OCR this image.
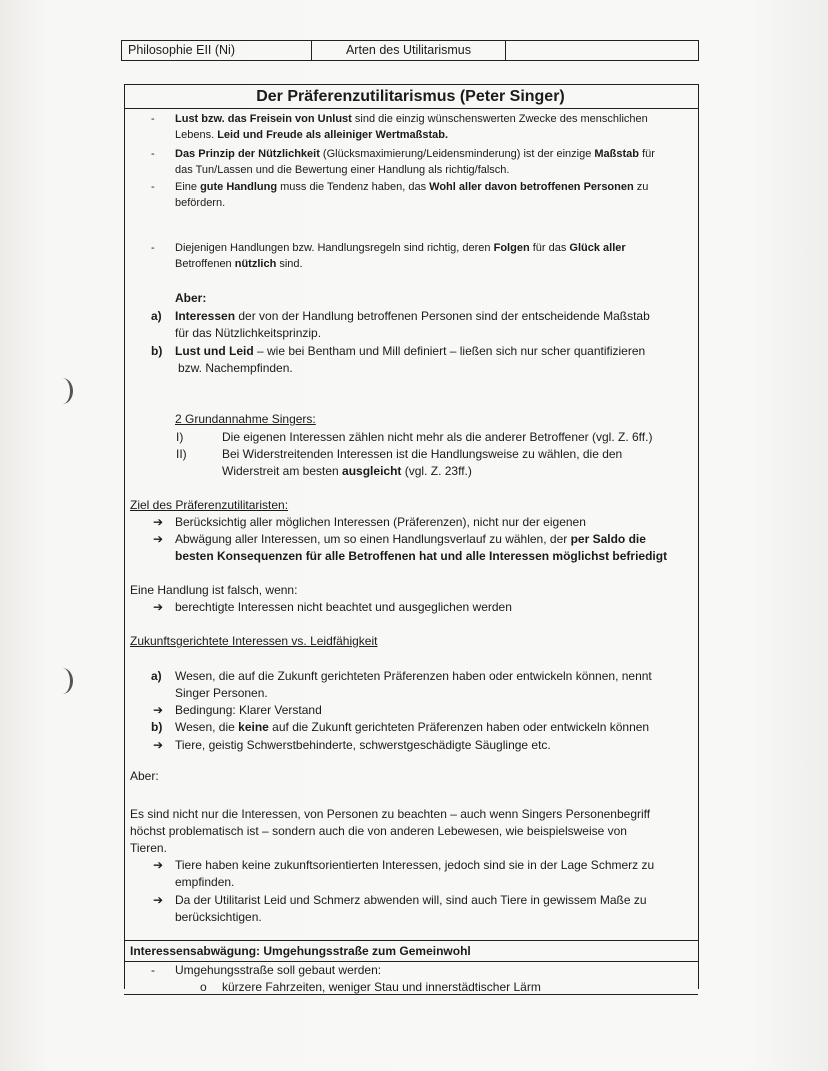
Philosophie EII (Ni)	Arten des Utilitarismus
Der Präferenzutilitarismus (Peter Singer)
- Lust bzw. das Freisein von Unlust sind die einzig wünschenswerten Zwecke des menschlichen
Lebens. Leid und Freude als alleiniger Wertmaßstab.
- Das Prinzip der Nützlichkeit (Glücksmaximierung/Leidensminderung) ist der einzige Maßstab für
das Tun/Lassen und die Bewertung einer Handlung als richtig/falsch.
- Eine gute Handlung muss die Tendenz haben, das Wohl aller davon betroffenen Personen zu
befördern.
- Diejenigen Handlungen bzw. Handlungsregeln sind richtig, deren Folgen für das Glück aller
Betroffenen nützlich sind.
Aber:
a) Interessen der von der Handlung betroffenen Personen sind der entscheidende Maßstab
für das Nützlichkeitsprinzip.
b) Lust und Leid – wie bei Bentham und Mill definiert – ließen sich nur scher quantifizieren
bzw. Nachempfinden.
2 Grundannahme Singers:
I)	Die eigenen Interessen zählen nicht mehr als die anderer Betroffener (vgl. Z. 6ff.)
II)	Bei Widerstreitenden Interessen ist die Handlungsweise zu wählen, die den
Widerstreit am besten ausgleicht (vgl. Z. 23ff.)
Ziel des Präferenzutilitaristen:
➔ Berücksichtig aller möglichen Interessen (Präferenzen), nicht nur der eigenen
➔ Abwägung aller Interessen, um so einen Handlungsverlauf zu wählen, der per Saldo die
besten Konsequenzen für alle Betroffenen hat und alle Interessen möglichst befriedigt
Eine Handlung ist falsch, wenn:
➔ berechtigte Interessen nicht beachtet und ausgeglichen werden
Zukunftsgerichtete Interessen vs. Leidfähigkeit
a) Wesen, die auf die Zukunft gerichteten Präferenzen haben oder entwickeln können, nennt
Singer Personen.
➔ Bedingung: Klarer Verstand
b) Wesen, die keine auf die Zukunft gerichteten Präferenzen haben oder entwickeln können
➔ Tiere, geistig Schwerstbehinderte, schwerstgeschädigte Säuglinge etc.
Aber:
Es sind nicht nur die Interessen, von Personen zu beachten – auch wenn Singers Personenbegriff
höchst problematisch ist – sondern auch die von anderen Lebewesen, wie beispielsweise von
Tieren.
➔ Tiere haben keine zukunftsorientierten Interessen, jedoch sind sie in der Lage Schmerz zu
empfinden.
➔ Da der Utilitarist Leid und Schmerz abwenden will, sind auch Tiere in gewissem Maße zu
berücksichtigen.
Interessensabwägung: Umgehungsstraße zum Gemeinwohl
- Umgehungsstraße soll gebaut werden:
o kürzere Fahrzeiten, weniger Stau und innerstädtischer Lärm
